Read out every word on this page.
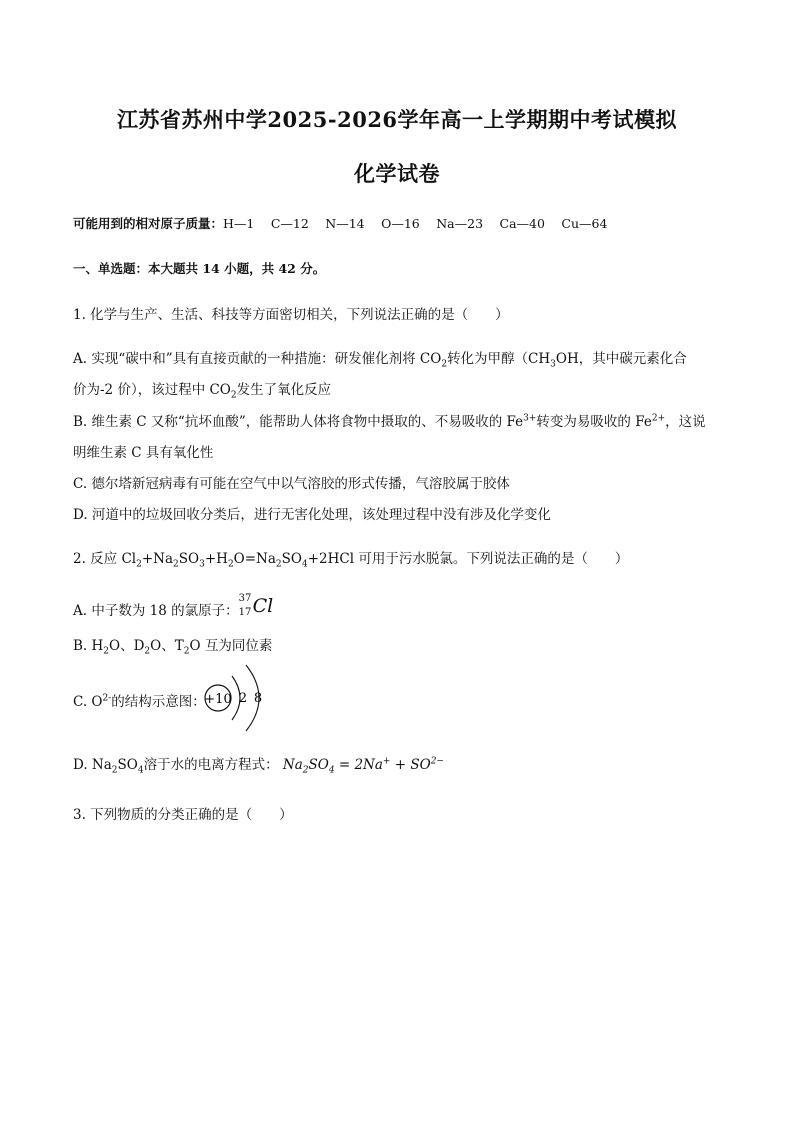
江苏省苏州中学2025-2026学年高一上学期期中考试模拟
化学试卷
可能用到的相对原子质量：H—1　 C—12　 N—14　 O—16　 Na—23　 Ca—40　 Cu—64
一、单选题：本大题共 14 小题，共 42 分。
1. 化学与生产、生活、科技等方面密切相关，下列说法正确的是（　　）
A. 实现“碳中和”具有直接贡献的一种措施：研发催化剂将 $CO_2$转化为甲醇（$CH_3OH$，其中碳元素化合
价为-2 价），该过程中 $CO_2$发生了氧化反应
B. 维生素 C 又称“抗坏血酸”，能帮助人体将食物中摄取的、不易吸收的 $Fe^{3+}$转变为易吸收的 $Fe^{2+}$，这说
明维生素 C 具有氧化性
C. 德尔塔新冠病毒有可能在空气中以气溶胶的形式传播，气溶胶属于胶体
D. 河道中的垃圾回收分类后，进行无害化处理，该处理过程中没有涉及化学变化
2. 反应 $Cl_2+Na_2SO_3+H_2O=Na_2SO_4+2HCl$ 可用于污水脱氯。下列说法正确的是（　　）
A. 中子数为 18 的氯原子：
37
17 Cl
B. $H_2O$、$D_2O$、$T_2O$ 互为同位素
C. $O^{2-}$的结构示意图：
+10 2 8
D. $Na_2SO_4$溶于水的电离方程式： $Na_2SO_4 = 2Na^+ + SO^{2-}$
3. 下列物质的分类正确的是（　　）
